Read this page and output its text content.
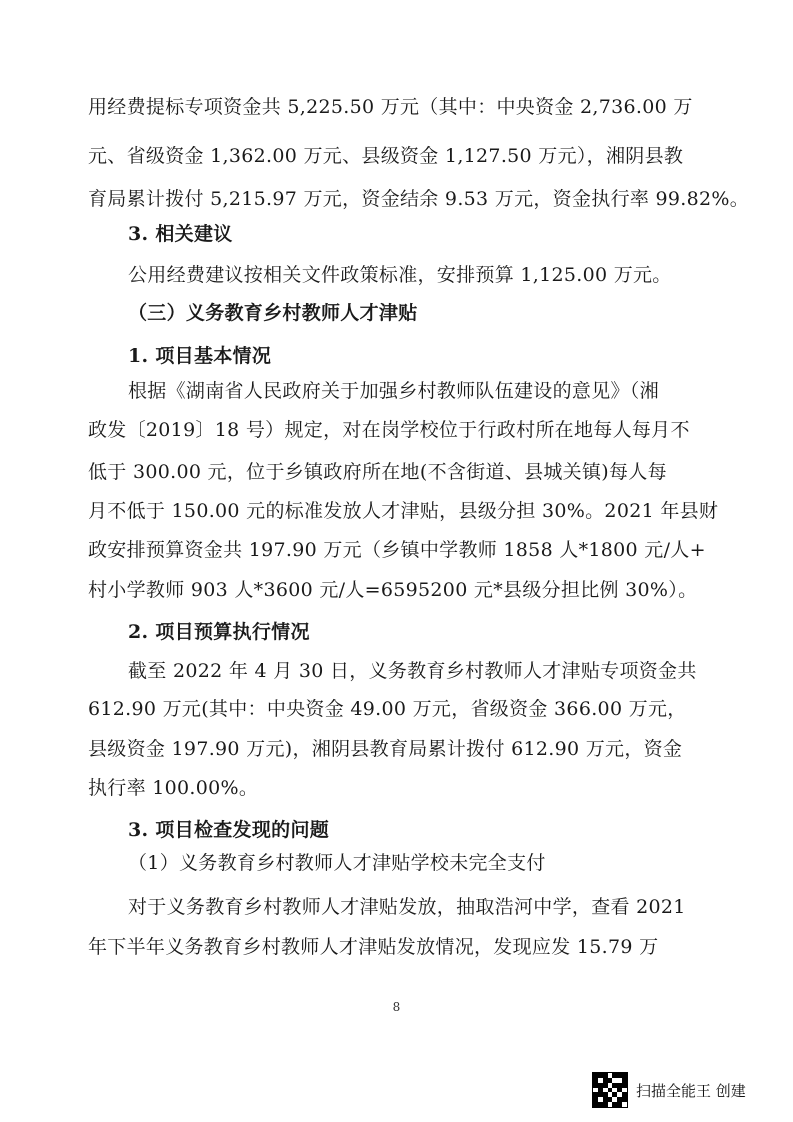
用经费提标专项资金共 5,225.50 万元（其中：中央资金 2,736.00 万
元、省级资金 1,362.00 万元、县级资金 1,127.50 万元），湘阴县教
育局累计拨付 5,215.97 万元，资金结余 9.53 万元，资金执行率 99.82%。
3. 相关建议
公用经费建议按相关文件政策标准，安排预算 1,125.00 万元。
（三）义务教育乡村教师人才津贴
1. 项目基本情况
根据《湖南省人民政府关于加强乡村教师队伍建设的意见》（湘
政发〔2019〕18 号）规定，对在岗学校位于行政村所在地每人每月不
低于 300.00 元，位于乡镇政府所在地(不含街道、县城关镇)每人每
月不低于 150.00 元的标准发放人才津贴，县级分担 30%。2021 年县财
政安排预算资金共 197.90 万元（乡镇中学教师 1858 人*1800 元/人+
村小学教师 903 人*3600 元/人=6595200 元*县级分担比例 30%）。
2. 项目预算执行情况
截至 2022 年 4 月 30 日，义务教育乡村教师人才津贴专项资金共
612.90 万元(其中：中央资金 49.00 万元，省级资金 366.00 万元，
县级资金 197.90 万元)，湘阴县教育局累计拨付 612.90 万元，资金
执行率 100.00%。
3. 项目检查发现的问题
（1）义务教育乡村教师人才津贴学校未完全支付
对于义务教育乡村教师人才津贴发放，抽取浩河中学，查看 2021
年下半年义务教育乡村教师人才津贴发放情况，发现应发 15.79 万
8
扫描全能王 创建
